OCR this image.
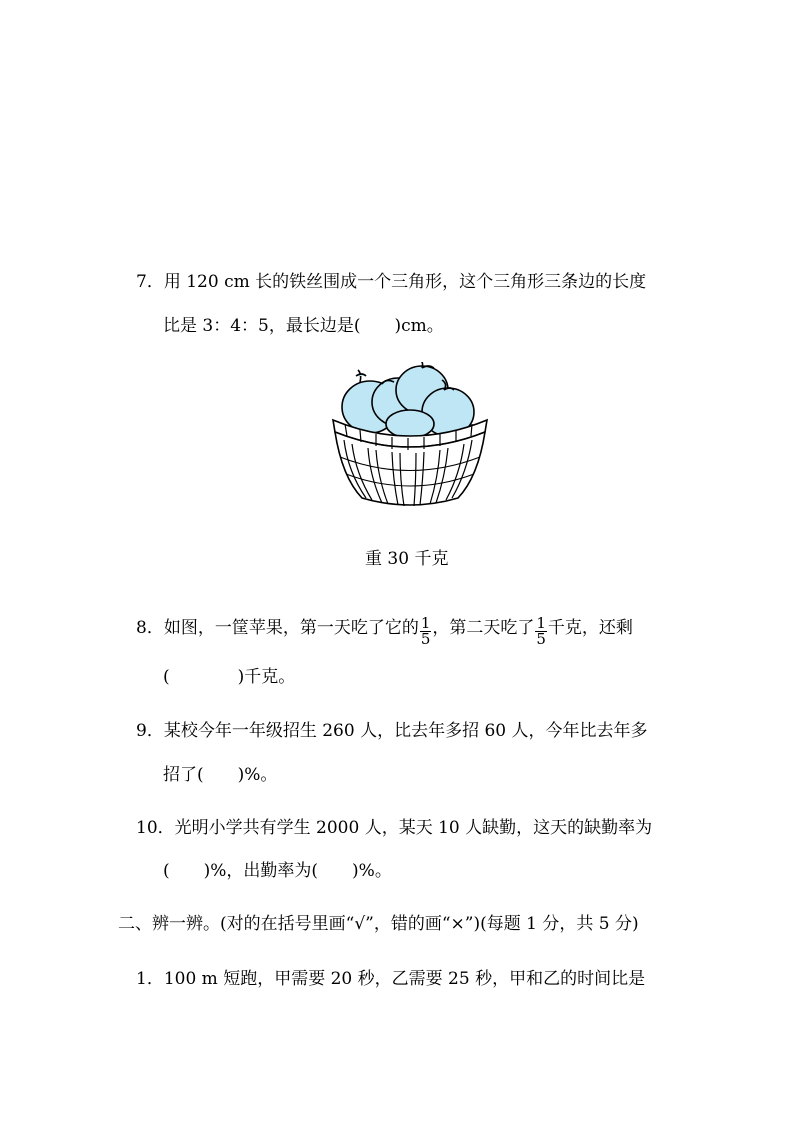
7．用 120 cm 长的铁丝围成一个三角形，这个三角形三条边的长度
比是 3：4：5，最长边是(　　)cm。
重 30 千克
8．如图，一筐苹果，第一天吃了它的 $\frac{1}{5}$ ，第二天吃了 $\frac{1}{5}$ 千克，还剩
(　　　　)千克。
9．某校今年一年级招生 260 人，比去年多招 60 人，今年比去年多
招了(　　)%。
10．光明小学共有学生 2000 人，某天 10 人缺勤，这天的缺勤率为
(　　)%，出勤率为(　　)%。
二、辨一辨。(对的在括号里画“√”，错的画“×”)(每题 1 分，共 5 分)
1．100 m 短跑，甲需要 20 秒，乙需要 25 秒，甲和乙的时间比是
